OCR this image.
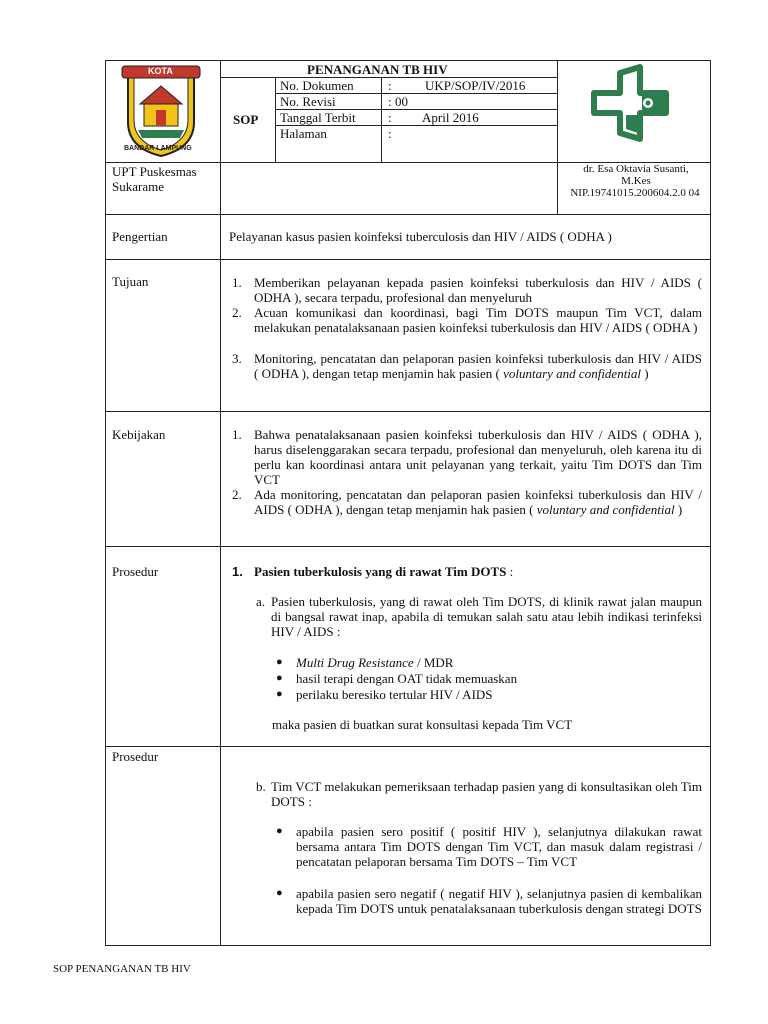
KOTA
BANDAR LAMPUNG
PENANGANAN TB HIV
SOP
No. Dokumen	:	UKP/SOP/IV/2016
No. Revisi	: 00
Tanggal Terbit : April 2016
Halaman	:
UPT Puskesmas Sukarame
dr. Esa Oktavia Susanti, M.Kes
NIP.19741015.200604.2.0 04
Pengertian	Pelayanan kasus pasien koinfeksi tuberculosis dan HIV / AIDS ( ODHA )
Tujuan	1. Memberikan pelayanan kepada pasien koinfeksi tuberkulosis dan HIV / AIDS ( ODHA ), secara terpadu, profesional dan menyeluruh
2. Acuan komunikasi dan koordinasi, bagi Tim DOTS maupun Tim VCT, dalam melakukan penatalaksanaan pasien koinfeksi tuberkulosis dan HIV / AIDS ( ODHA )
3. Monitoring, pencatatan dan pelaporan pasien koinfeksi tuberkulosis dan HIV / AIDS ( ODHA ), dengan tetap menjamin hak pasien ( voluntary and confidential )
Kebijakan	1. Bahwa penatalaksanaan pasien koinfeksi tuberkulosis dan HIV / AIDS ( ODHA ), harus diselenggarakan secara terpadu, profesional dan menyeluruh, oleh karena itu di perlu kan koordinasi antara unit pelayanan yang terkait, yaitu Tim DOTS dan Tim VCT
2. Ada monitoring, pencatatan dan pelaporan pasien koinfeksi tuberkulosis dan HIV / AIDS ( ODHA ), dengan tetap menjamin hak pasien ( voluntary and confidential )
Prosedur	1. Pasien tuberkulosis yang di rawat Tim DOTS :
a. Pasien tuberkulosis, yang di rawat oleh Tim DOTS, di klinik rawat jalan maupun di bangsal rawat inap, apabila di temukan salah satu atau lebih indikasi terinfeksi HIV / AIDS :
● Multi Drug Resistance / MDR
● hasil terapi dengan OAT tidak memuaskan
● perilaku beresiko tertular HIV / AIDS
maka pasien di buatkan surat konsultasi kepada Tim VCT
Prosedur
b. Tim VCT melakukan pemeriksaan terhadap pasien yang di konsultasikan oleh Tim DOTS :
● apabila pasien sero positif ( positif HIV ), selanjutnya dilakukan rawat bersama antara Tim DOTS dengan Tim VCT, dan masuk dalam registrasi / pencatatan pelaporan bersama Tim DOTS – Tim VCT
● apabila pasien sero negatif ( negatif HIV ), selanjutnya pasien di kembalikan kepada Tim DOTS untuk penatalaksanaan tuberkulosis dengan strategi DOTS
SOP PENANGANAN TB HIV
